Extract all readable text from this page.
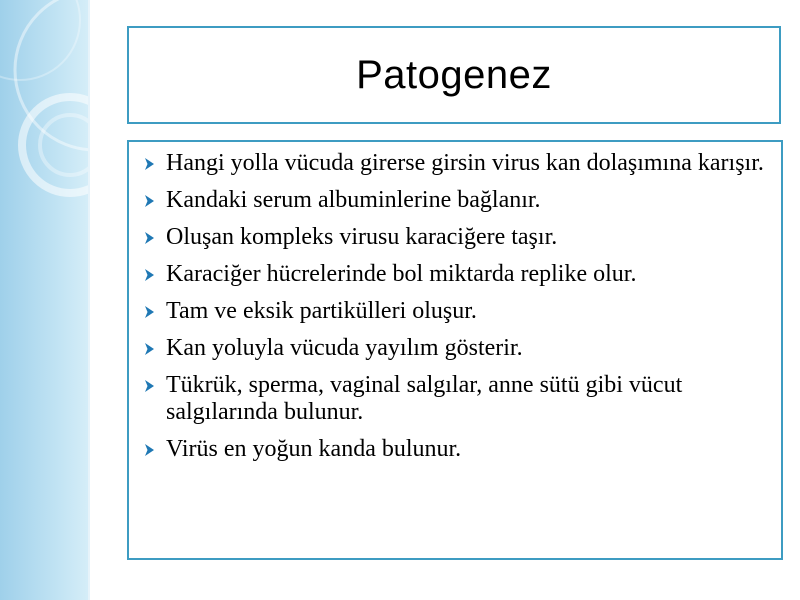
Patogenez
Hangi yolla vücuda girerse girsin virus kan dolaşımına karışır.
Kandaki serum albuminlerine bağlanır.
Oluşan kompleks virusu karaciğere taşır.
Karaciğer hücrelerinde bol miktarda replike olur.
Tam ve eksik partikülleri oluşur.
Kan yoluyla vücuda yayılım gösterir.
Tükrük, sperma, vaginal salgılar, anne sütü gibi vücut salgılarında bulunur.
Virüs en yoğun kanda bulunur.
